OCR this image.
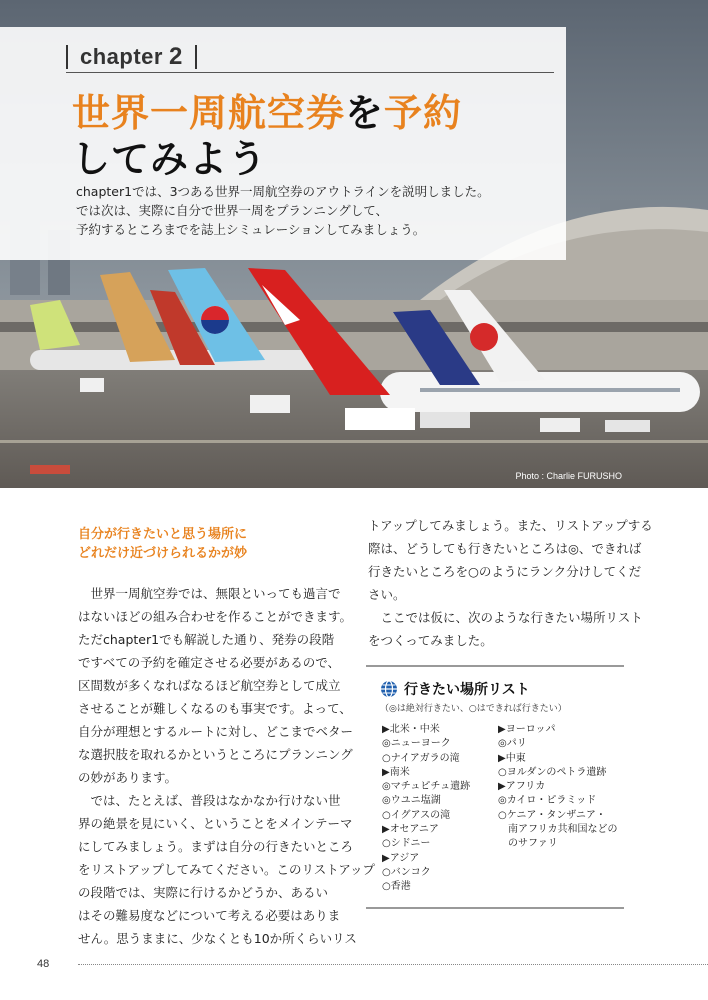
Photo : Charlie FURUSHO
chapter 2
世界一周航空券を予約
してみよう
chapter1では、3つある世界一周航空券のアウトラインを説明しました。
では次は、実際に自分で世界一周をプランニングして、
予約するところまでを誌上シミュレーションしてみましょう。
自分が行きたいと思う場所に
どれだけ近づけられるかが妙
　世界一周航空券では、無限といっても過言で
はないほどの組み合わせを作ることができます。
ただchapter1でも解説した通り、発券の段階
ですべての予約を確定させる必要があるので、
区間数が多くなればなるほど航空券として成立
させることが難しくなるのも事実です。よって、
自分が理想とするルートに対し、どこまでベター
な選択肢を取れるかというところにプランニング
の妙があります。
　では、たとえば、普段はなかなか行けない世
界の絶景を見にいく、ということをメインテーマ
にしてみましょう。まずは自分の行きたいところ
をリストアップしてみてください。このリストアップ
の段階では、実際に行けるかどうか、あるい
はその難易度などについて考える必要はありま
せん。思うままに、少なくとも10か所くらいリス
トアップしてみましょう。また、リストアップする
際は、どうしても行きたいところは◎、できれば
行きたいところを○のようにランク分けしてくだ
さい。
　ここでは仮に、次のような行きたい場所リスト
をつくってみました。
行きたい場所リスト
（◎は絶対行きたい、○はできれば行きたい）
▶北米・中米
◎ニューヨーク
○ナイアガラの滝
▶南米
◎マチュピチュ遺跡
◎ウユニ塩湖
○イグアスの滝
▶オセアニア
○シドニー
▶アジア
○バンコク
○香港
▶ヨーロッパ
◎パリ
▶中東
○ヨルダンのペトラ遺跡
▶アフリカ
◎カイロ・ピラミッド
○ケニア・タンザニア・
　南アフリカ共和国などの
　のサファリ
48
